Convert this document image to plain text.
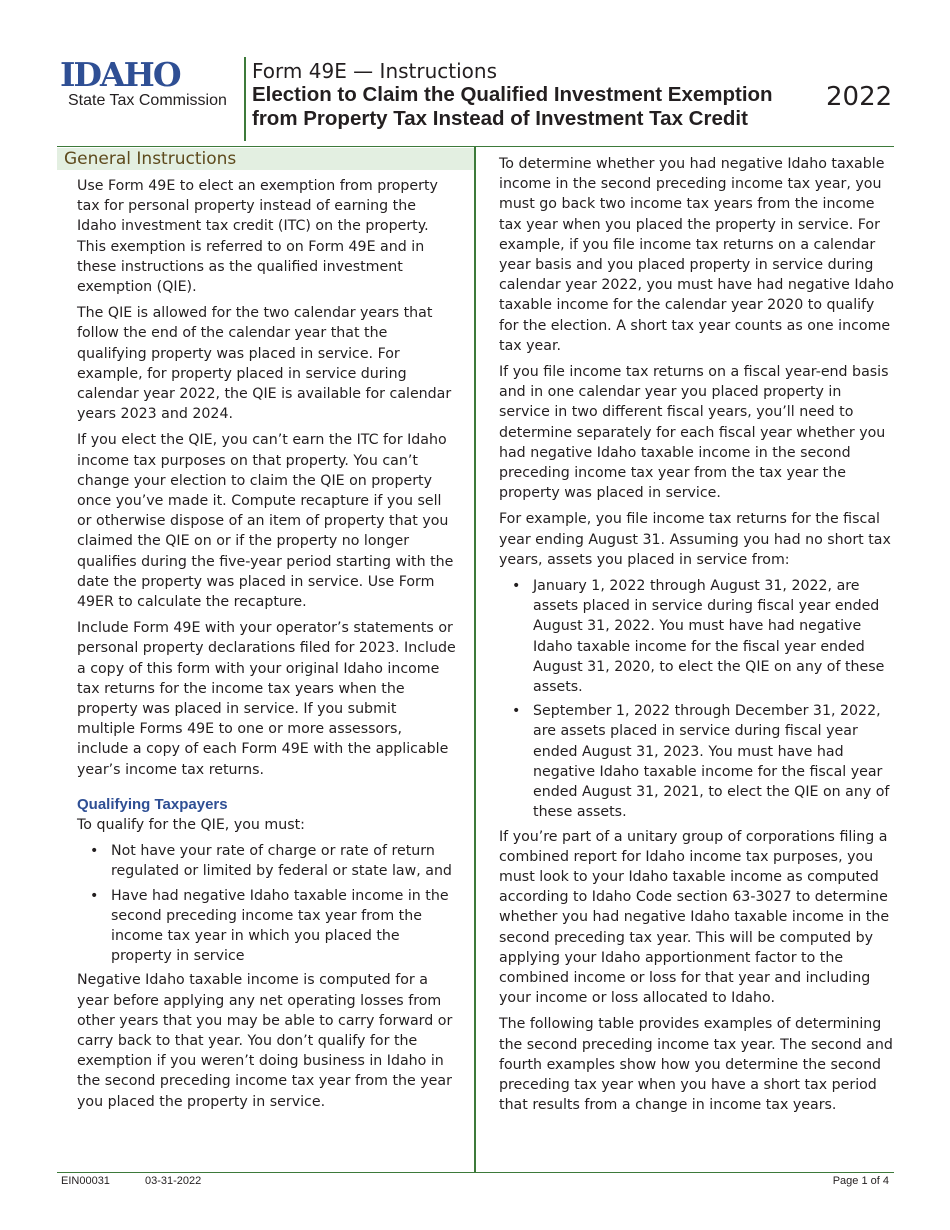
IDAHO
State Tax Commission
Form 49E — Instructions
Election to Claim the Qualified Investment Exemption from Property Tax Instead of Investment Tax Credit
2022
General Instructions

Use Form 49E to elect an exemption from property tax for personal property instead of earning the Idaho investment tax credit (ITC) on the property. This exemption is referred to on Form 49E and in these instructions as the qualified investment exemption (QIE).

The QIE is allowed for the two calendar years that follow the end of the calendar year that the qualifying property was placed in service. For example, for property placed in service during calendar year 2022, the QIE is available for calendar years 2023 and 2024.

If you elect the QIE, you can’t earn the ITC for Idaho income tax purposes on that property. You can’t change your election to claim the QIE on property once you’ve made it. Compute recapture if you sell or otherwise dispose of an item of property that you claimed the QIE on or if the property no longer qualifies during the five-year period starting with the date the property was placed in service. Use Form 49ER to calculate the recapture.

Include Form 49E with your operator’s statements or personal property declarations filed for 2023. Include a copy of this form with your original Idaho income tax returns for the income tax years when the property was placed in service. If you submit multiple Forms 49E to one or more assessors, include a copy of each Form 49E with the applicable year’s income tax returns.

Qualifying Taxpayers

To qualify for the QIE, you must:

• Not have your rate of charge or rate of return regulated or limited by federal or state law, and
• Have had negative Idaho taxable income in the second preceding income tax year from the income tax year in which you placed the property in service

Negative Idaho taxable income is computed for a year before applying any net operating losses from other years that you may be able to carry forward or carry back to that year. You don’t qualify for the exemption if you weren’t doing business in Idaho in the second preceding income tax year from the year you placed the property in service.

To determine whether you had negative Idaho taxable income in the second preceding income tax year, you must go back two income tax years from the income tax year when you placed the property in service. For example, if you file income tax returns on a calendar year basis and you placed property in service during calendar year 2022, you must have had negative Idaho taxable income for the calendar year 2020 to qualify for the election. A short tax year counts as one income tax year.

If you file income tax returns on a fiscal year-end basis and in one calendar year you placed property in service in two different fiscal years, you’ll need to determine separately for each fiscal year whether you had negative Idaho taxable income in the second preceding income tax year from the tax year the property was placed in service.

For example, you file income tax returns for the fiscal year ending August 31. Assuming you had no short tax years, assets you placed in service from:

• January 1, 2022 through August 31, 2022, are assets placed in service during fiscal year ended August 31, 2022. You must have had negative Idaho taxable income for the fiscal year ended August 31, 2020, to elect the QIE on any of these assets.
• September 1, 2022 through December 31, 2022, are assets placed in service during fiscal year ended August 31, 2023. You must have had negative Idaho taxable income for the fiscal year ended August 31, 2021, to elect the QIE on any of these assets.

If you’re part of a unitary group of corporations filing a combined report for Idaho income tax purposes, you must look to your Idaho taxable income as computed according to Idaho Code section 63-3027 to determine whether you had negative Idaho taxable income in the second preceding tax year. This will be computed by applying your Idaho apportionment factor to the combined income or loss for that year and including your income or loss allocated to Idaho.

The following table provides examples of determining the second preceding income tax year. The second and fourth examples show how you determine the second preceding tax year when you have a short tax period that results from a change in income tax years.

EIN00031	03-31-2022	Page 1 of 4
